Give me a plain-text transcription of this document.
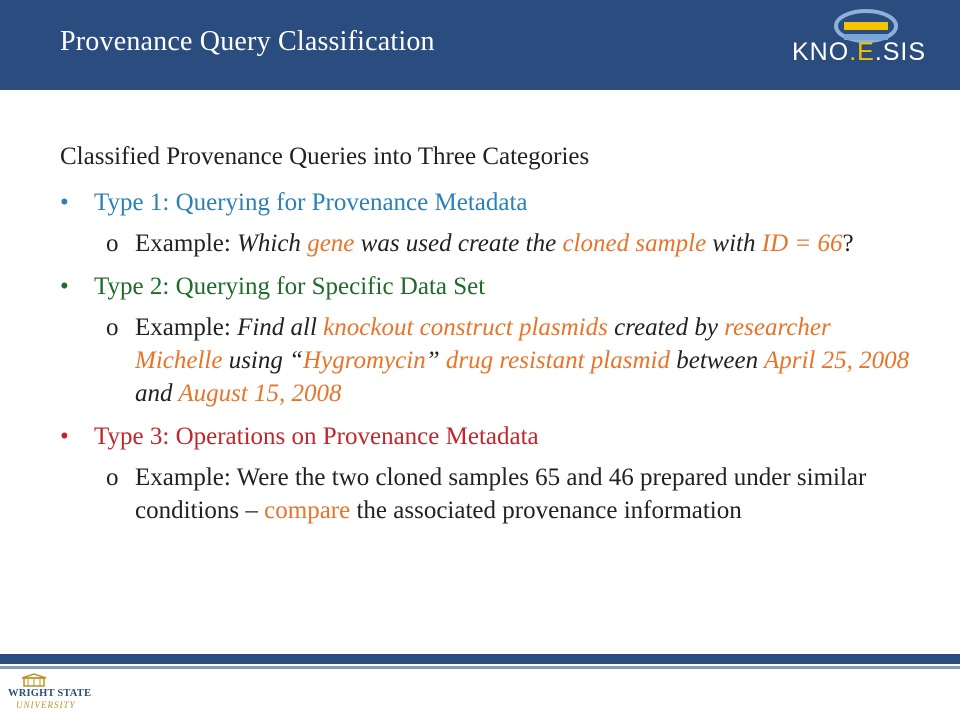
Provenance Query Classification	KNO.E.SIS

Classified Provenance Queries into Three Categories

• Type 1: Querying for Provenance Metadata

o Example: Which gene was used create the cloned sample with ID = 66?

• Type 2: Querying for Specific Data Set

o Example: Find all knockout construct plasmids created by researcher Michelle using “Hygromycin” drug resistant plasmid between April 25, 2008 and August 15, 2008

• Type 3: Operations on Provenance Metadata

o Example: Were the two cloned samples 65 and 46 prepared under similar conditions – compare the associated provenance information

WRIGHT STATE
UNIVERSITY
